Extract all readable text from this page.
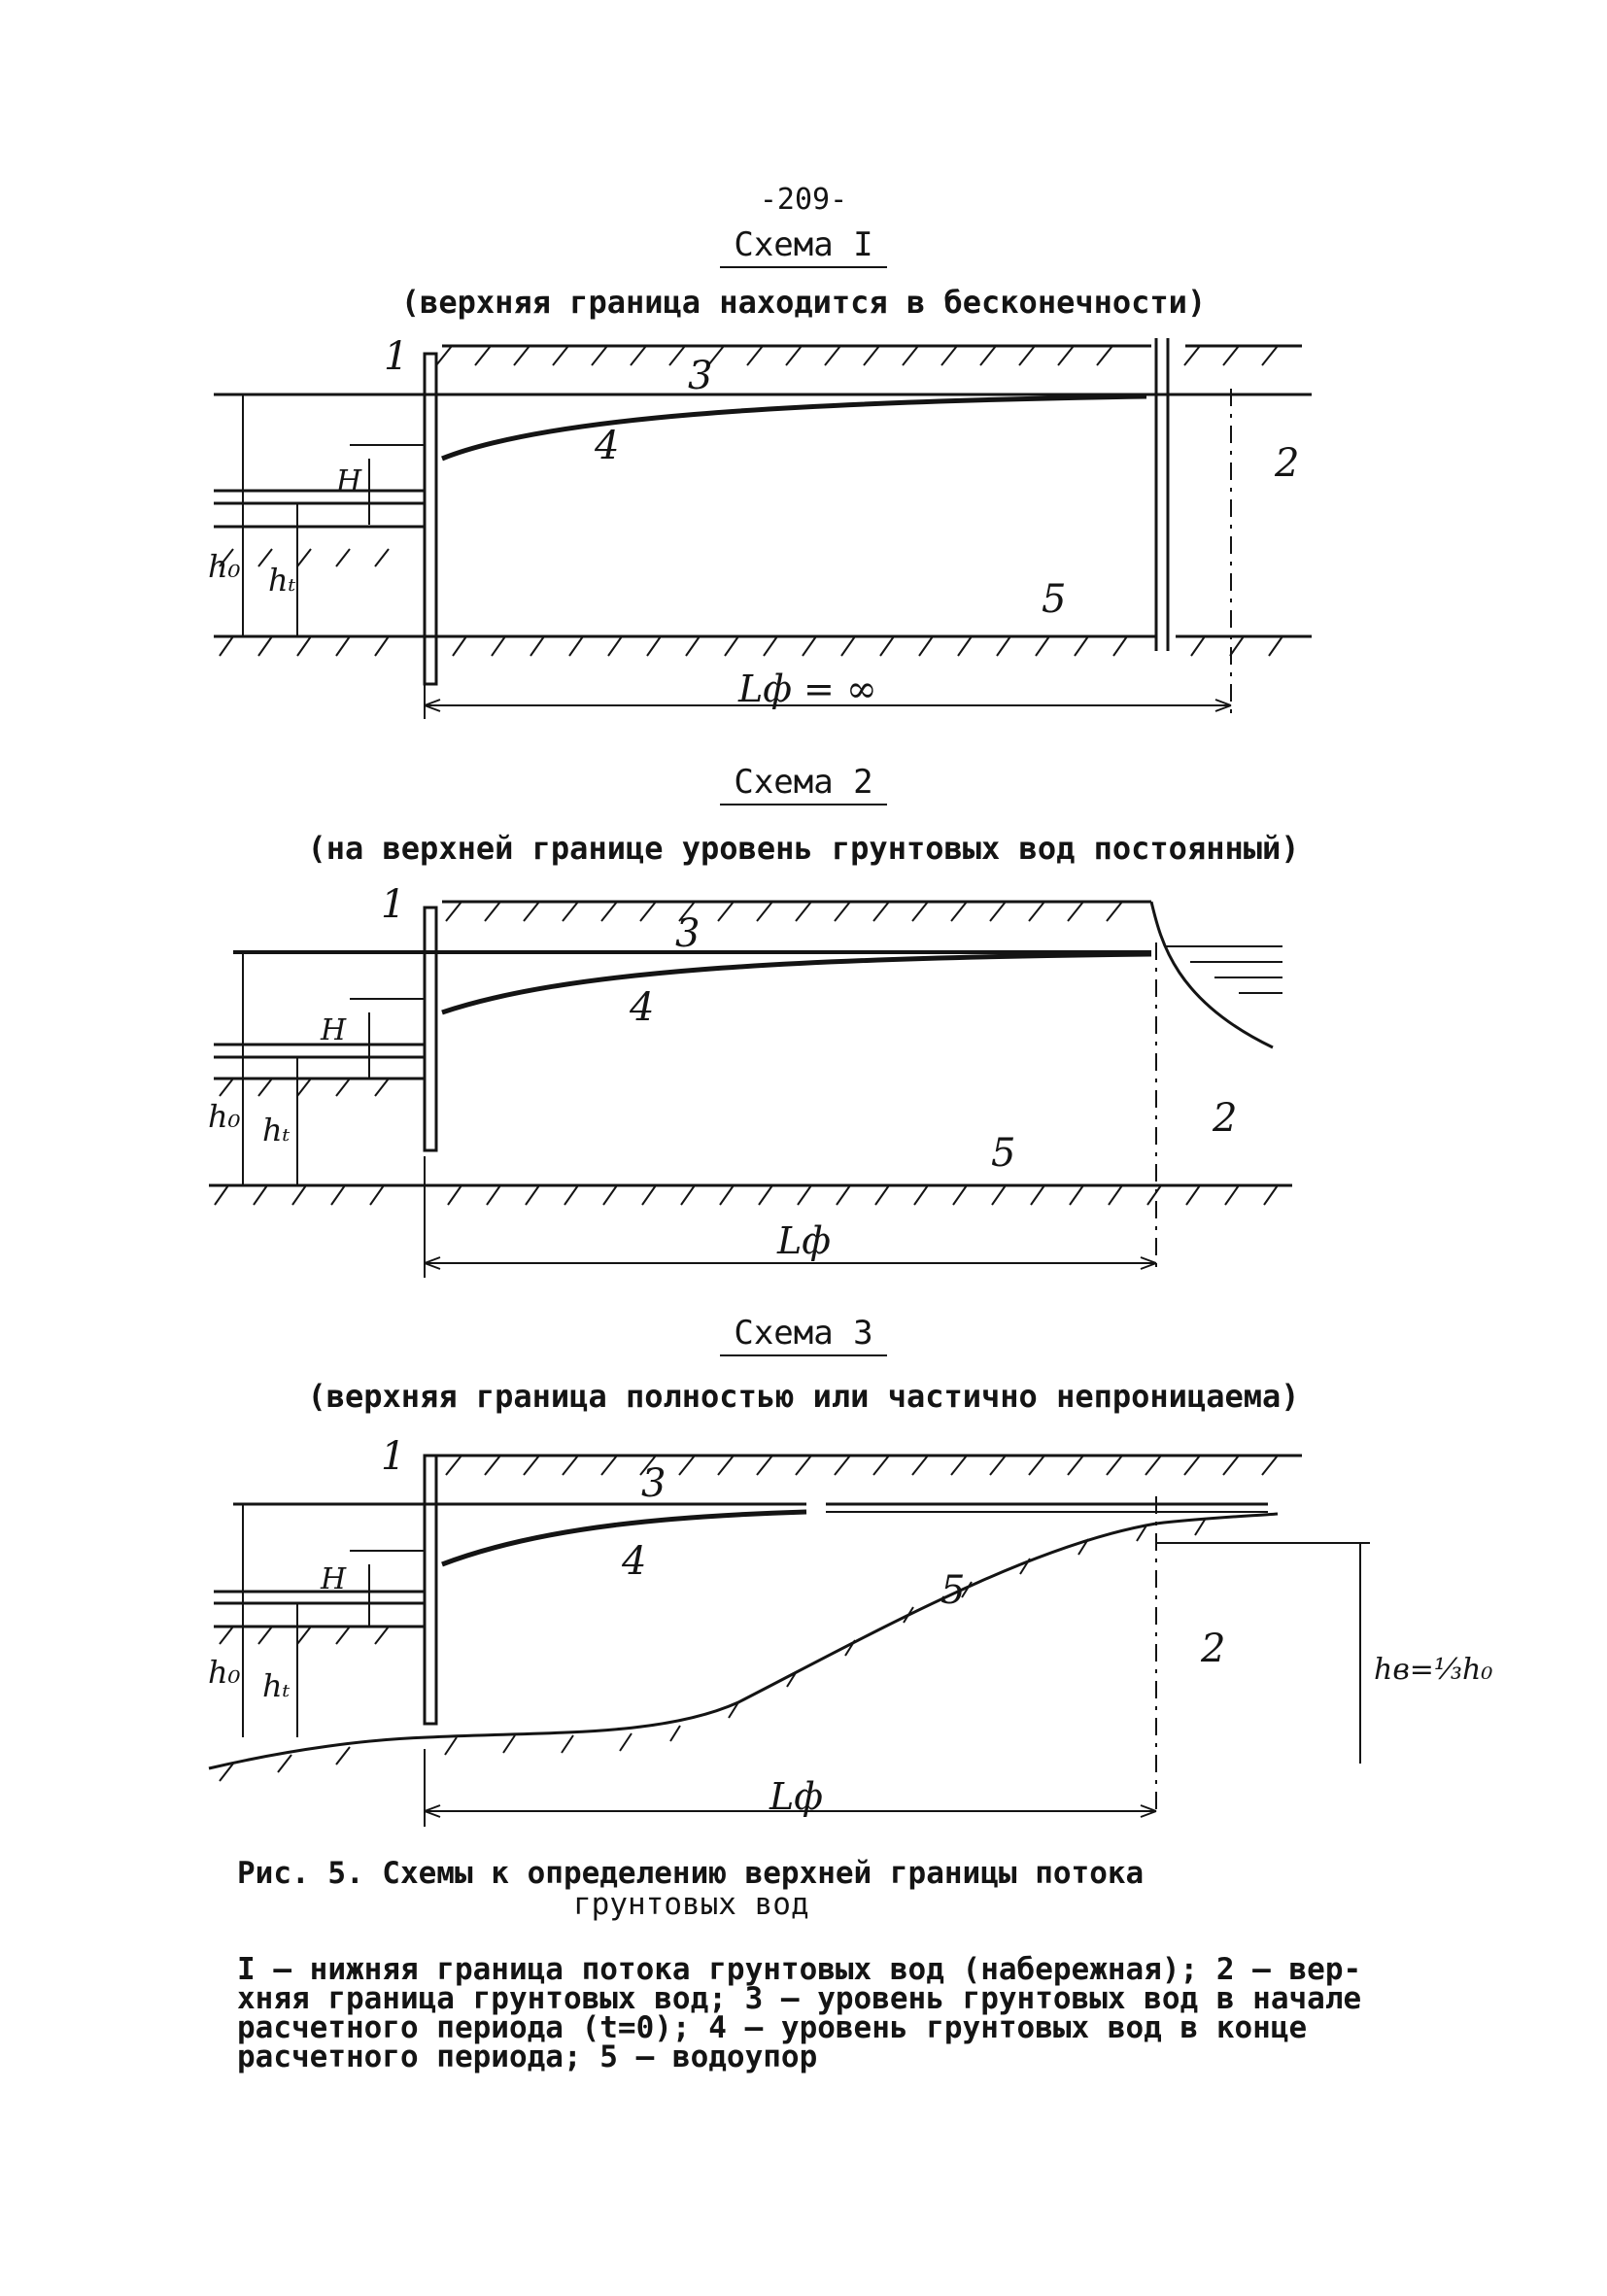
-209-
Схема I
(верхняя граница находится в бесконечности)
1	3
4	2
5
H
h₀ hₜ
Lф = ∞
Схема 2
(на верхней границе уровень грунтовых вод постоянный)
1
3
4
2
5
H
h₀ hₜ
Lф
Схема 3
(верхняя граница полностью или частично непроницаема)
1
3
4
2
5
H
h₀ hₜ
Lф
hв=⅓h₀
Рис. 5. Схемы к определению верхней границы потока
грунтовых вод
I – нижняя граница потока грунтовых вод (набережная); 2 – вер-
хняя граница грунтовых вод; 3 – уровень грунтовых вод в начале
расчетного периода (t=0); 4 – уровень грунтовых вод в конце
расчетного периода; 5 – водоупор
